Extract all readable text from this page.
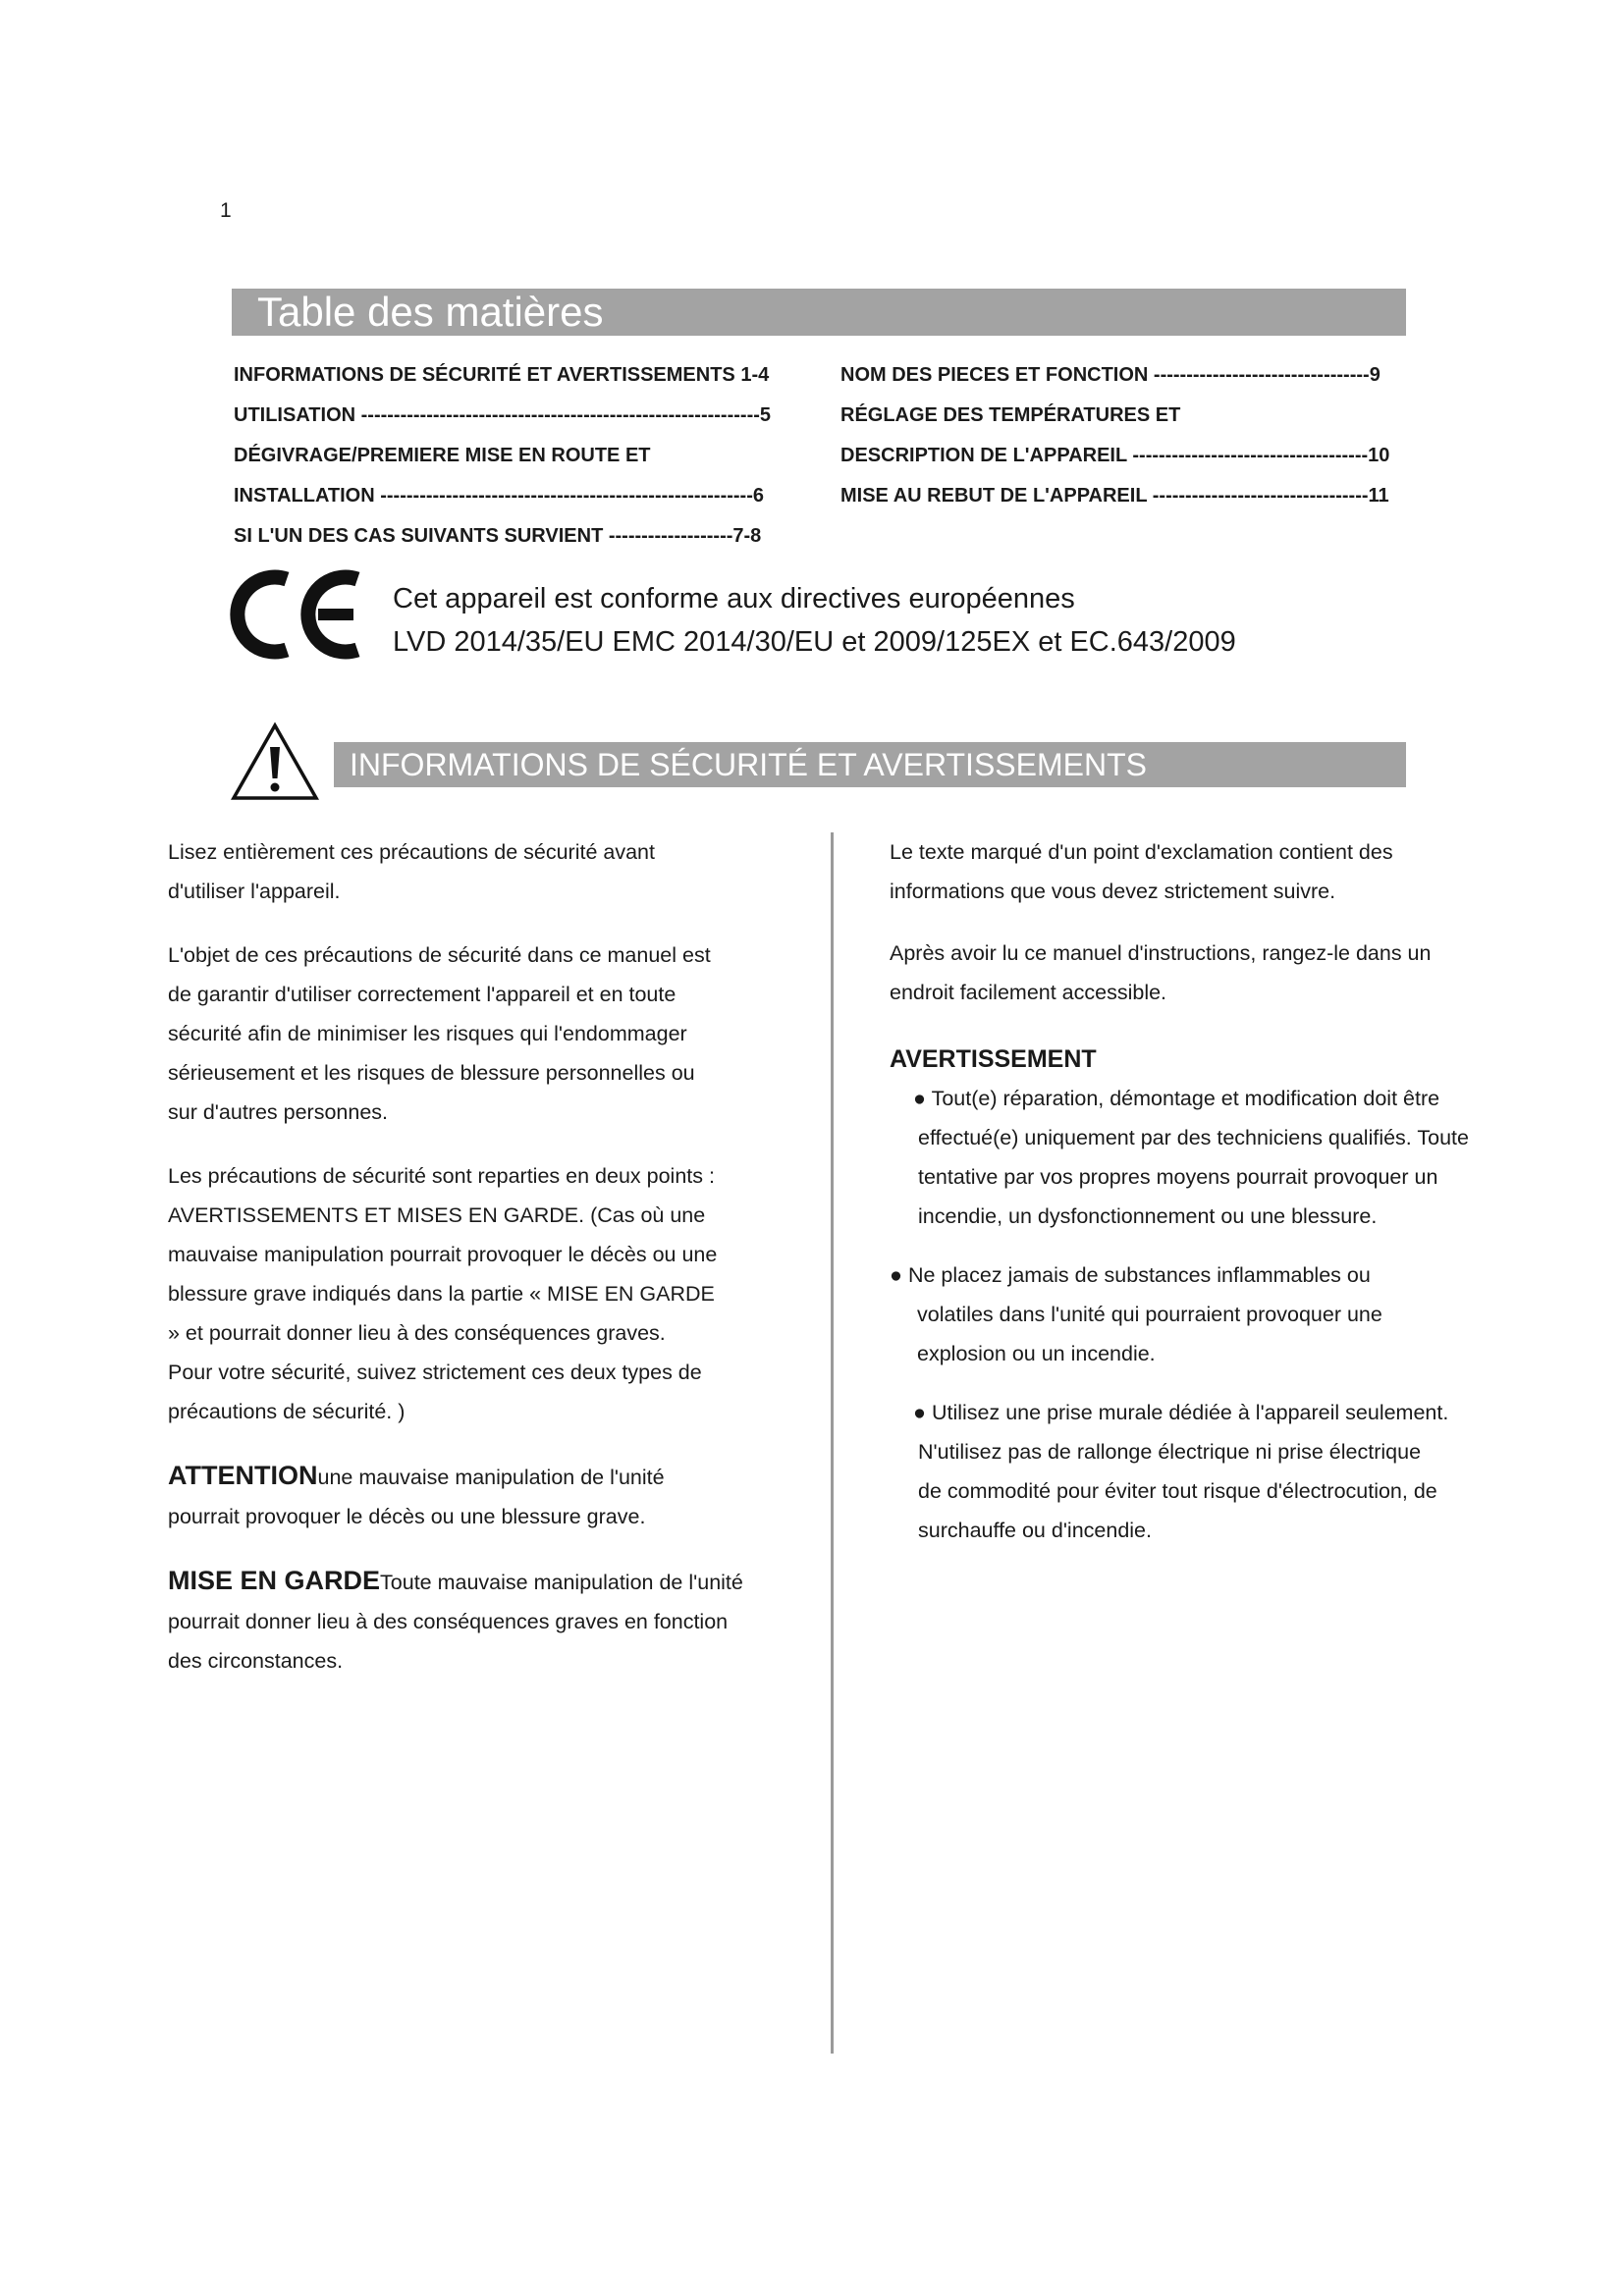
1
Table des matières
INFORMATIONS DE SÉCURITÉ ET AVERTISSEMENTS 1-4
UTILISATION -------------------------------------------------------------5
DÉGIVRAGE/PREMIERE MISE EN ROUTE ET
INSTALLATION ---------------------------------------------------------6
SI L'UN DES CAS SUIVANTS SURVIENT -------------------7-8
NOM DES PIECES ET FONCTION ---------------------------------9
RÉGLAGE DES TEMPÉRATURES ET
DESCRIPTION DE L'APPAREIL ------------------------------------10
MISE AU REBUT DE L'APPAREIL ---------------------------------11
Cet appareil est conforme aux directives européennes
LVD 2014/35/EU EMC 2014/30/EU et 2009/125EX et EC.643/2009
INFORMATIONS DE SÉCURITÉ ET AVERTISSEMENTS

Lisez entièrement ces précautions de sécurité avant

d'utiliser l'appareil.

L'objet de ces précautions de sécurité dans ce manuel est

de garantir d'utiliser correctement l'appareil et en toute

sécurité afin de minimiser les risques qui l'endommager

sérieusement et les risques de blessure personnelles ou

sur d'autres personnes.

Les précautions de sécurité sont reparties en deux points :

AVERTISSEMENTS ET MISES EN GARDE. (Cas où une

mauvaise manipulation pourrait provoquer le décès ou une

blessure grave indiqués dans la partie « MISE EN GARDE

» et pourrait donner lieu à des conséquences graves.

Pour votre sécurité, suivez strictement ces deux types de

précautions de sécurité. )

ATTENTIONune mauvaise manipulation de l'unité

pourrait provoquer le décès ou une blessure grave.

MISE EN GARDEToute mauvaise manipulation de l'unité

pourrait donner lieu à des conséquences graves en fonction

des circonstances.

Le texte marqué d'un point d'exclamation contient des

informations que vous devez strictement suivre.

Après avoir lu ce manuel d'instructions, rangez-le dans un

endroit facilement accessible.

AVERTISSEMENT

● Tout(e) réparation, démontage et modification doit être

effectué(e) uniquement par des techniciens qualifiés. Toute

tentative par vos propres moyens pourrait provoquer un

incendie, un dysfonctionnement ou une blessure.

● Ne placez jamais de substances inflammables ou

volatiles dans l'unité qui pourraient provoquer une

explosion ou un incendie.

● Utilisez une prise murale dédiée à l'appareil seulement.

N'utilisez pas de rallonge électrique ni prise électrique

de commodité pour éviter tout risque d'électrocution, de

surchauffe ou d'incendie.
